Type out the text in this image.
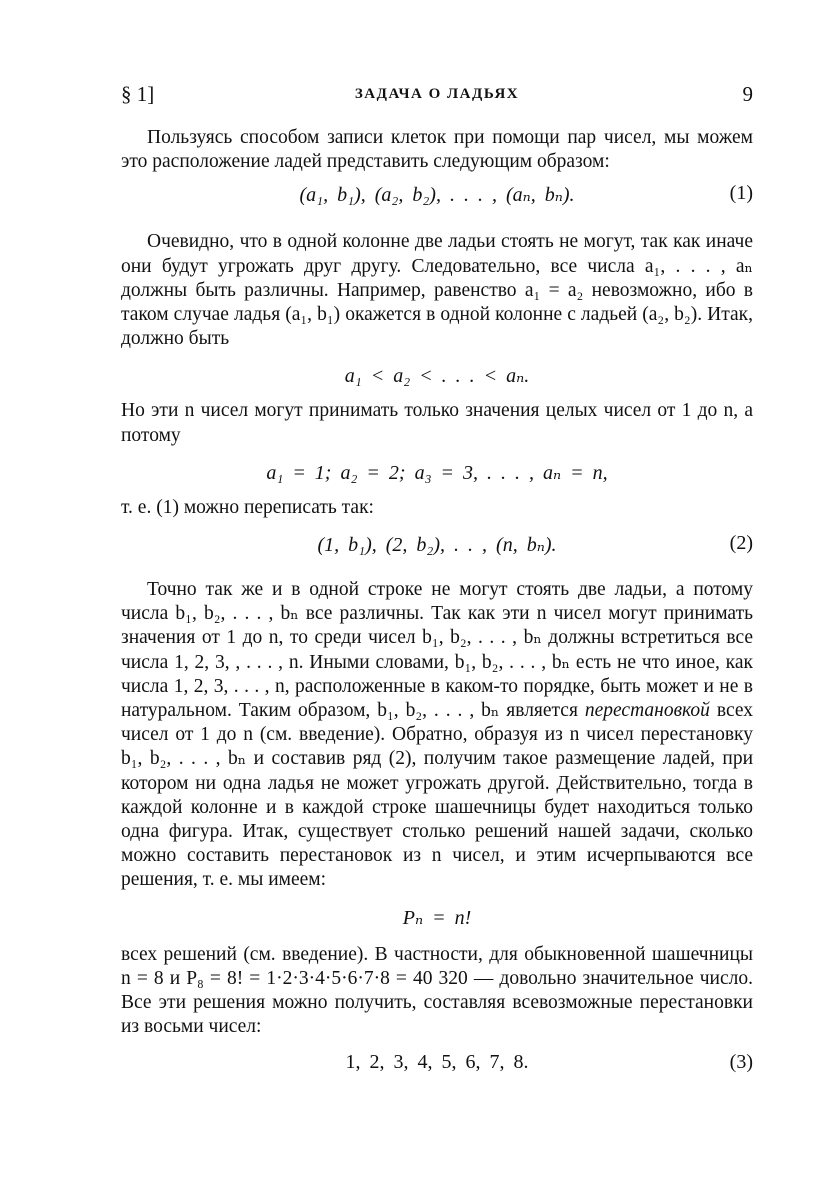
§ 1]	ЗАДАЧА О ЛАДЬЯХ	9

Пользуясь способом записи клеток при помощи пар чисел, мы можем это расположение ладей представить следующим образом:

(a₁, b₁), (a₂, b₂), . . . , (aₙ, bₙ).	(1)

Очевидно, что в одной колонне две ладьи стоять не могут, так как иначе они будут угрожать друг другу. Следовательно, все числа a₁, . . . , aₙ должны быть различны. Например, равенство a₁ = a₂ невозможно, ибо в таком случае ладья (a₁, b₁) окажется в одной колонне с ладьей (a₂, b₂). Итак, должно быть

a₁ < a₂ < . . . < aₙ.

Но эти n чисел могут принимать только значения целых чисел от 1 до n, а потому

a₁ = 1; a₂ = 2; a₃ = 3, . . . , aₙ = n,

т. е. (1) можно переписать так:

(1, b₁), (2, b₂), . . , (n, bₙ).	(2)

Точно так же и в одной строке не могут стоять две ладьи, а потому числа b₁, b₂, . . . , bₙ все различны. Так как эти n чисел могут принимать значения от 1 до n, то среди чисел b₁, b₂, . . . , bₙ должны встретиться все числа 1, 2, 3, , . . . , n. Иными словами, b₁, b₂, . . . , bₙ есть не что иное, как числа 1, 2, 3, . . . , n, расположенные в каком-то порядке, быть может и не в натуральном. Таким образом, b₁, b₂, . . . , bₙ является перестановкой всех чисел от 1 до n (см. введение). Обратно, образуя из n чисел перестановку b₁, b₂, . . . , bₙ и составив ряд (2), получим такое размещение ладей, при котором ни одна ладья не может угрожать другой. Действительно, тогда в каждой колонне и в каждой строке шашечницы будет находиться только одна фигура. Итак, существует столько решений нашей задачи, сколько можно составить перестановок из n чисел, и этим исчерпываются все решения, т. е. мы имеем:

Pₙ = n!

всех решений (см. введение). В частности, для обыкновенной шашечницы n = 8 и P₈ = 8! = 1·2·3·4·5·6·7·8 = 40 320 — довольно значительное число. Все эти решения можно получить, составляя всевозможные перестановки из восьми чисел:

1, 2, 3, 4, 5, 6, 7, 8.	(3)
